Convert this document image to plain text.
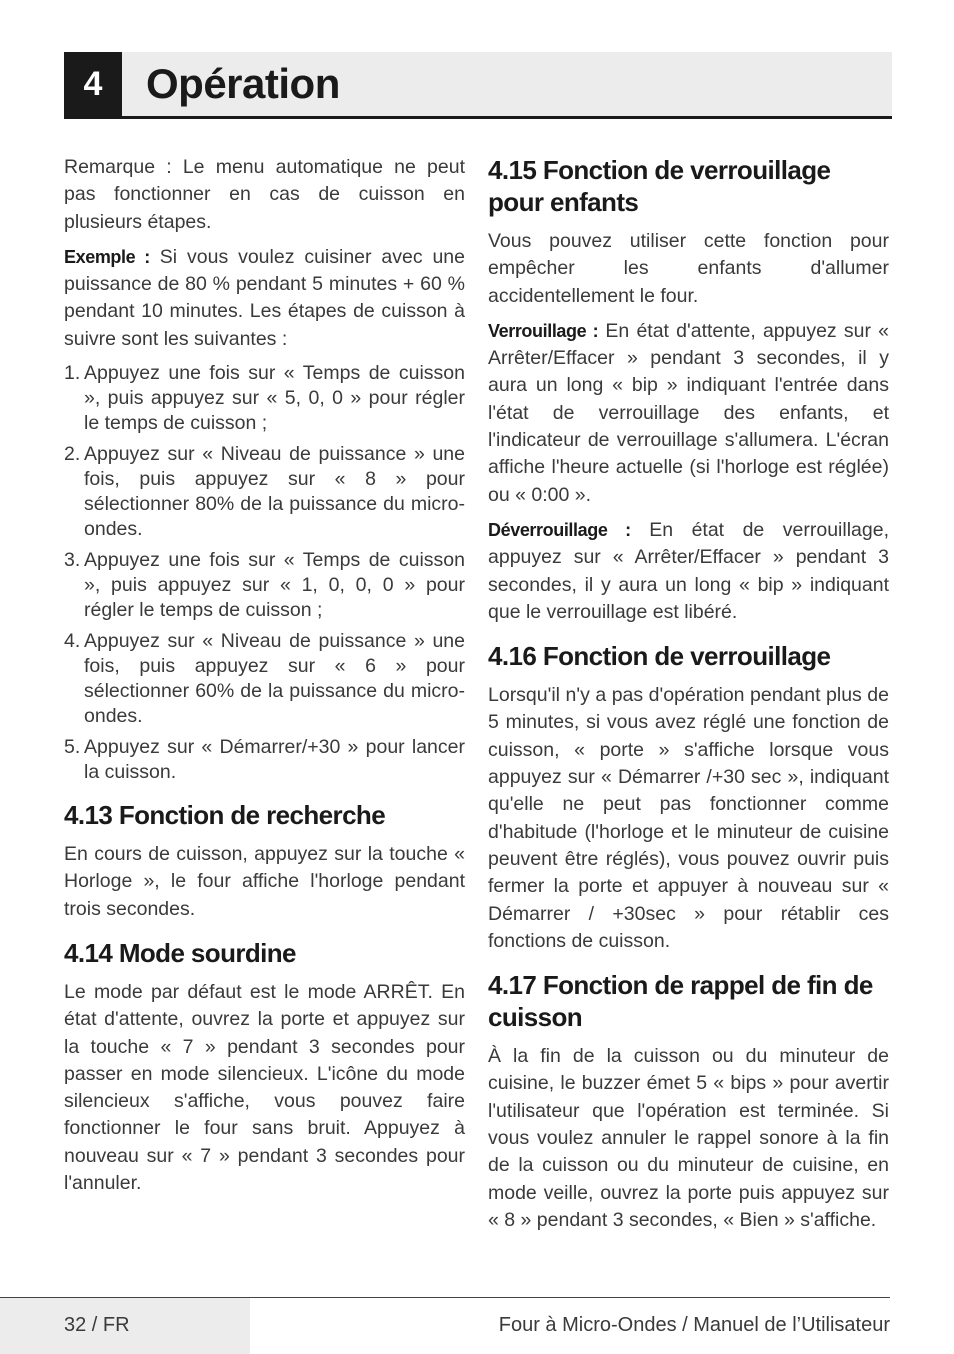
4	Opération

Remarque : Le menu automatique ne peut pas fonctionner en cas de cuisson en plusieurs étapes.

Exemple : Si vous voulez cuisiner avec une puissance de 80 % pendant 5 minutes + 60 % pendant 10 minutes. Les étapes de cuisson à suivre sont les suivantes :

1. Appuyez une fois sur « Temps de cuisson », puis appuyez sur « 5, 0, 0 » pour régler le temps de cuisson ;
2. Appuyez sur « Niveau de puissance » une fois, puis appuyez sur « 8 » pour sélectionner 80% de la puissance du micro-ondes.
3. Appuyez une fois sur « Temps de cuisson », puis appuyez sur « 1, 0, 0, 0 » pour régler le temps de cuisson ;
4. Appuyez sur « Niveau de puissance » une fois, puis appuyez sur « 6 » pour sélectionner 60% de la puissance du micro-ondes.
5. Appuyez sur « Démarrer/+30 » pour lancer la cuisson.
4.13 Fonction de recherche

En cours de cuisson, appuyez sur la touche « Horloge », le four affiche l'horloge pendant trois secondes.

4.14 Mode sourdine

Le mode par défaut est le mode ARRÊT. En état d'attente, ouvrez la porte et appuyez sur la touche « 7 » pendant 3 secondes pour passer en mode silencieux. L'icône du mode silencieux s'affiche, vous pouvez faire fonctionner le four sans bruit. Appuyez à nouveau sur « 7 » pendant 3 secondes pour l'annuler.

4.15 Fonction de verrouillage pour enfants

Vous pouvez utiliser cette fonction pour empêcher les enfants d'allumer accidentellement le four.

Verrouillage : En état d'attente, appuyez sur « Arrêter/Effacer » pendant 3 secondes, il y aura un long « bip » indiquant l'entrée dans l'état de verrouillage des enfants, et l'indicateur de verrouillage s'allumera. L'écran affiche l'heure actuelle (si l'horloge est réglée) ou « 0:00 ».

Déverrouillage : En état de verrouillage, appuyez sur « Arrêter/Effacer » pendant 3 secondes, il y aura un long « bip » indiquant que le verrouillage est libéré.

4.16 Fonction de verrouillage

Lorsqu'il n'y a pas d'opération pendant plus de 5 minutes, si vous avez réglé une fonction de cuisson, « porte » s'affiche lorsque vous appuyez sur « Démarrer /+30 sec », indiquant qu'elle ne peut pas fonctionner comme d'habitude (l'horloge et le minuteur de cuisine peuvent être réglés), vous pouvez ouvrir puis fermer la porte et appuyer à nouveau sur « Démarrer / +30sec » pour rétablir ces fonctions de cuisson.

4.17 Fonction de rappel de fin de cuisson

À la fin de la cuisson ou du minuteur de cuisine, le buzzer émet 5 « bips » pour avertir l'utilisateur que l'opération est terminée. Si vous voulez annuler le rappel sonore à la fin de la cuisson ou du minuteur de cuisine, en mode veille, ouvrez la porte puis appuyez sur « 8 » pendant 3 secondes, « Bien » s'affiche.

32 / FR	Four à Micro-Ondes / Manuel de l’Utilisateur
